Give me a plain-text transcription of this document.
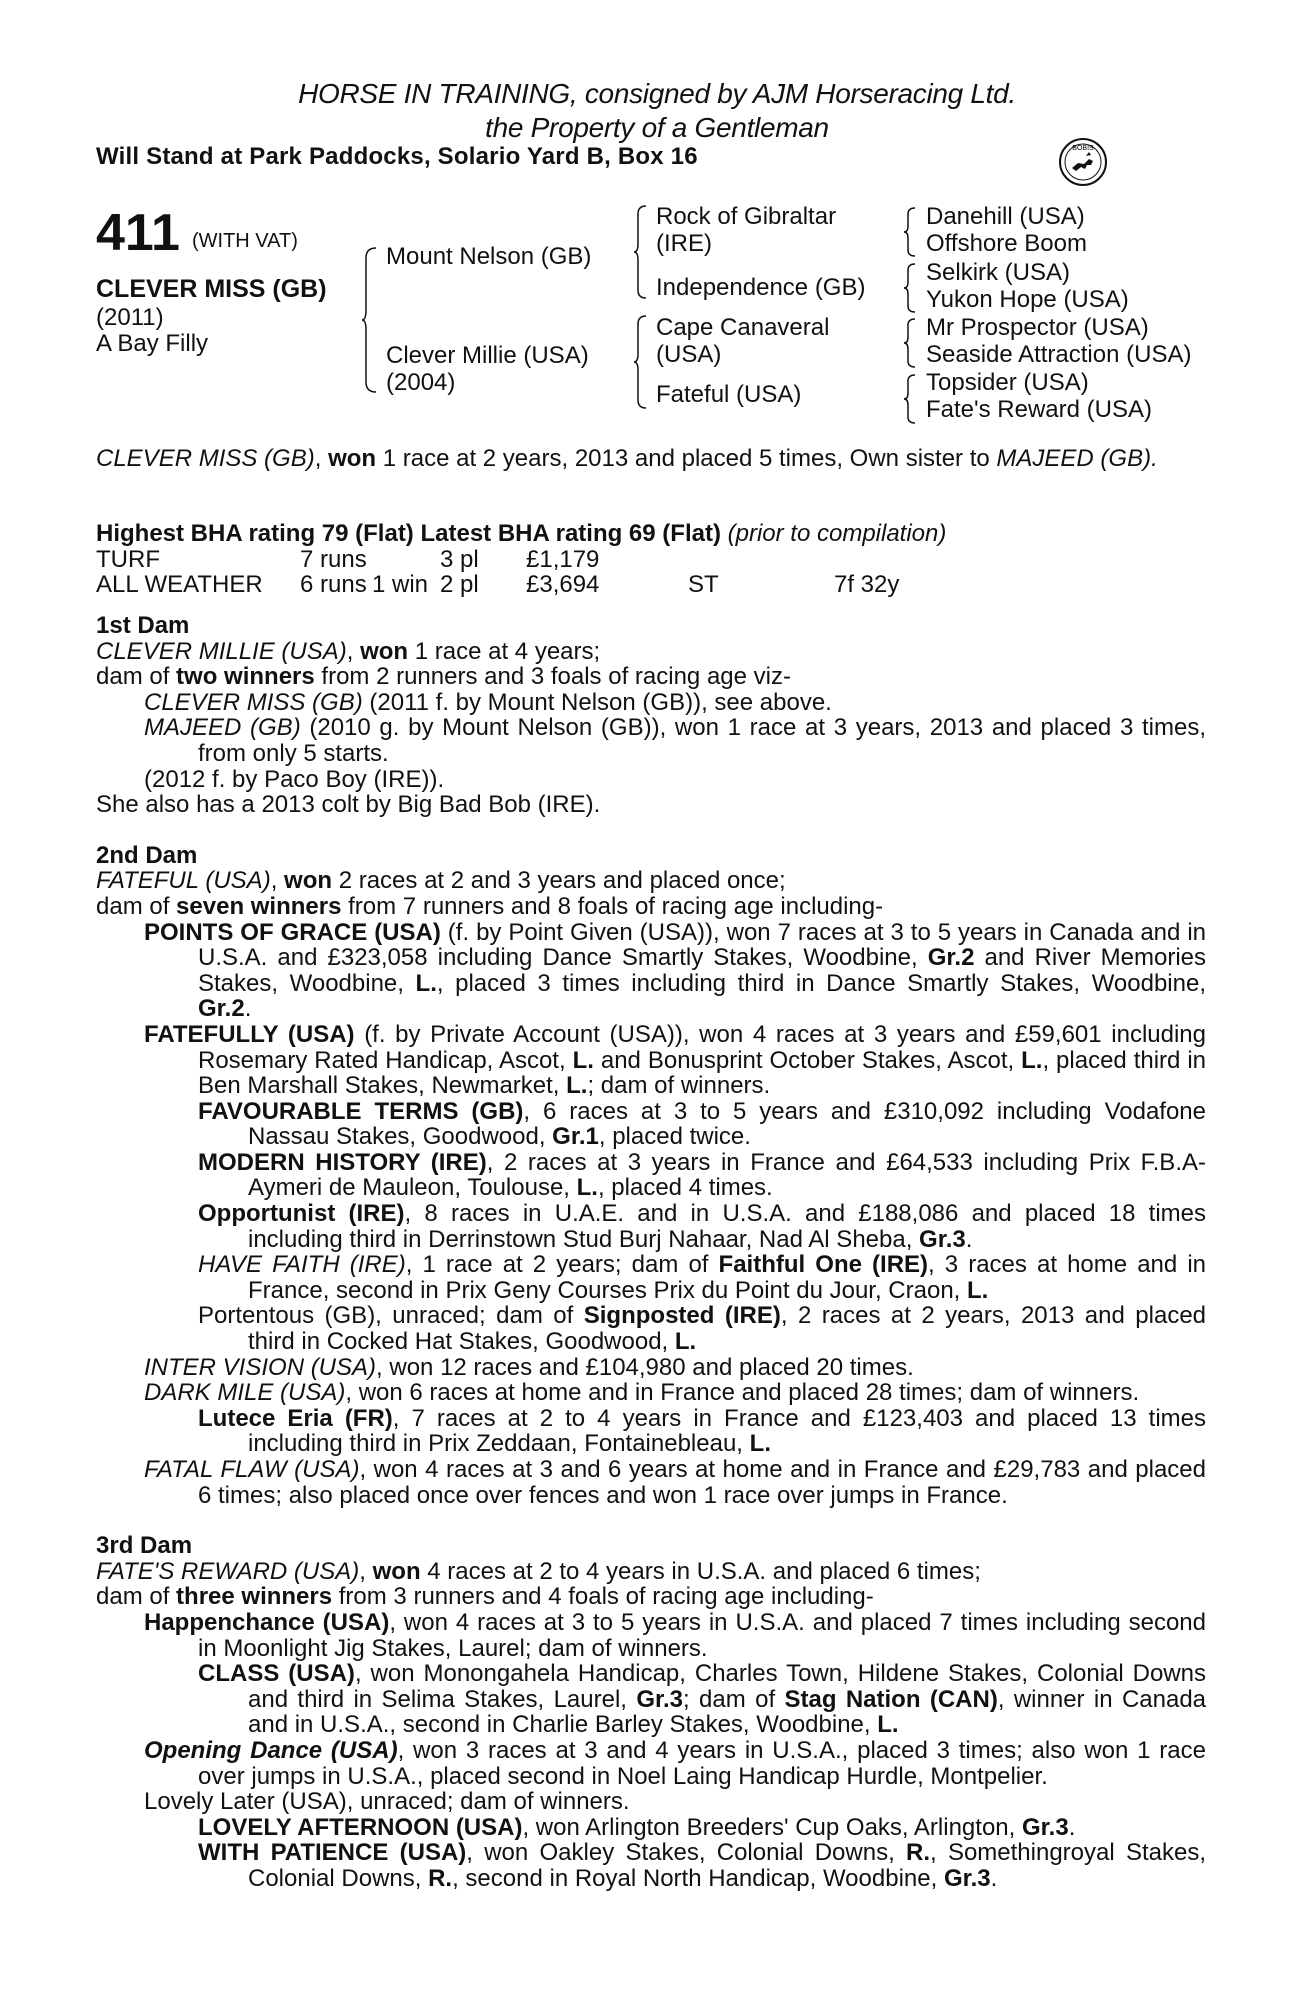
HORSE IN TRAINING, consigned by AJM Horseracing Ltd.
the Property of a Gentleman
Will Stand at Park Paddocks, Solario Yard B, Box 16	BOBIS
411 (WITH VAT)
CLEVER MISS (GB)
(2011)
A Bay Filly
Mount Nelson (GB)
Clever Millie (USA)
(2004)
Rock of Gibraltar
(IRE)
Independence (GB)
Cape Canaveral
(USA)
Fateful (USA)
Danehill (USA)
Offshore Boom
Selkirk (USA)
Yukon Hope (USA)
Mr Prospector (USA)
Seaside Attraction (USA)
Topsider (USA)
Fate's Reward (USA)

CLEVER MISS (GB), won 1 race at 2 years, 2013 and placed 5 times, Own sister to MAJEED (GB).

Highest BHA rating 79 (Flat) Latest BHA rating 69 (Flat) (prior to compilation)

TURF	7 runs		3 pl	£1,179		
ALL WEATHER	6 runs	1 win	2 pl	£3,694	ST	7f 32y

1st Dam

CLEVER MILLIE (USA), won 1 race at 4 years;

dam of two winners from 2 runners and 3 foals of racing age viz-

CLEVER MISS (GB) (2011 f. by Mount Nelson (GB)), see above.

MAJEED (GB) (2010 g. by Mount Nelson (GB)), won 1 race at 3 years, 2013 and placed 3 times, from only 5 starts.

(2012 f. by Paco Boy (IRE)).

She also has a 2013 colt by Big Bad Bob (IRE).

2nd Dam

FATEFUL (USA), won 2 races at 2 and 3 years and placed once;

dam of seven winners from 7 runners and 8 foals of racing age including-

POINTS OF GRACE (USA) (f. by Point Given (USA)), won 7 races at 3 to 5 years in Canada and in U.S.A. and £323,058 including Dance Smartly Stakes, Woodbine, Gr.2 and River Memories Stakes, Woodbine, L., placed 3 times including third in Dance Smartly Stakes, Woodbine, Gr.2.

FATEFULLY (USA) (f. by Private Account (USA)), won 4 races at 3 years and £59,601 including Rosemary Rated Handicap, Ascot, L. and Bonusprint October Stakes, Ascot, L., placed third in Ben Marshall Stakes, Newmarket, L.; dam of winners.

FAVOURABLE TERMS (GB), 6 races at 3 to 5 years and £310,092 including Vodafone Nassau Stakes, Goodwood, Gr.1, placed twice.

MODERN HISTORY (IRE), 2 races at 3 years in France and £64,533 including Prix F.B.A-Aymeri de Mauleon, Toulouse, L., placed 4 times.

Opportunist (IRE), 8 races in U.A.E. and in U.S.A. and £188,086 and placed 18 times including third in Derrinstown Stud Burj Nahaar, Nad Al Sheba, Gr.3.

HAVE FAITH (IRE), 1 race at 2 years; dam of Faithful One (IRE), 3 races at home and in France, second in Prix Geny Courses Prix du Point du Jour, Craon, L.

Portentous (GB), unraced; dam of Signposted (IRE), 2 races at 2 years, 2013 and placed third in Cocked Hat Stakes, Goodwood, L.

INTER VISION (USA), won 12 races and £104,980 and placed 20 times.

DARK MILE (USA), won 6 races at home and in France and placed 28 times; dam of winners.

Lutece Eria (FR), 7 races at 2 to 4 years in France and £123,403 and placed 13 times including third in Prix Zeddaan, Fontainebleau, L.

FATAL FLAW (USA), won 4 races at 3 and 6 years at home and in France and £29,783 and placed 6 times; also placed once over fences and won 1 race over jumps in France.

3rd Dam

FATE'S REWARD (USA), won 4 races at 2 to 4 years in U.S.A. and placed 6 times;

dam of three winners from 3 runners and 4 foals of racing age including-

Happenchance (USA), won 4 races at 3 to 5 years in U.S.A. and placed 7 times including second in Moonlight Jig Stakes, Laurel; dam of winners.

CLASS (USA), won Monongahela Handicap, Charles Town, Hildene Stakes, Colonial Downs and third in Selima Stakes, Laurel, Gr.3; dam of Stag Nation (CAN), winner in Canada and in U.S.A., second in Charlie Barley Stakes, Woodbine, L.

Opening Dance (USA), won 3 races at 3 and 4 years in U.S.A., placed 3 times; also won 1 race over jumps in U.S.A., placed second in Noel Laing Handicap Hurdle, Montpelier.

Lovely Later (USA), unraced; dam of winners.

LOVELY AFTERNOON (USA), won Arlington Breeders' Cup Oaks, Arlington, Gr.3.

WITH PATIENCE (USA), won Oakley Stakes, Colonial Downs, R., Somethingroyal Stakes, Colonial Downs, R., second in Royal North Handicap, Woodbine, Gr.3.
